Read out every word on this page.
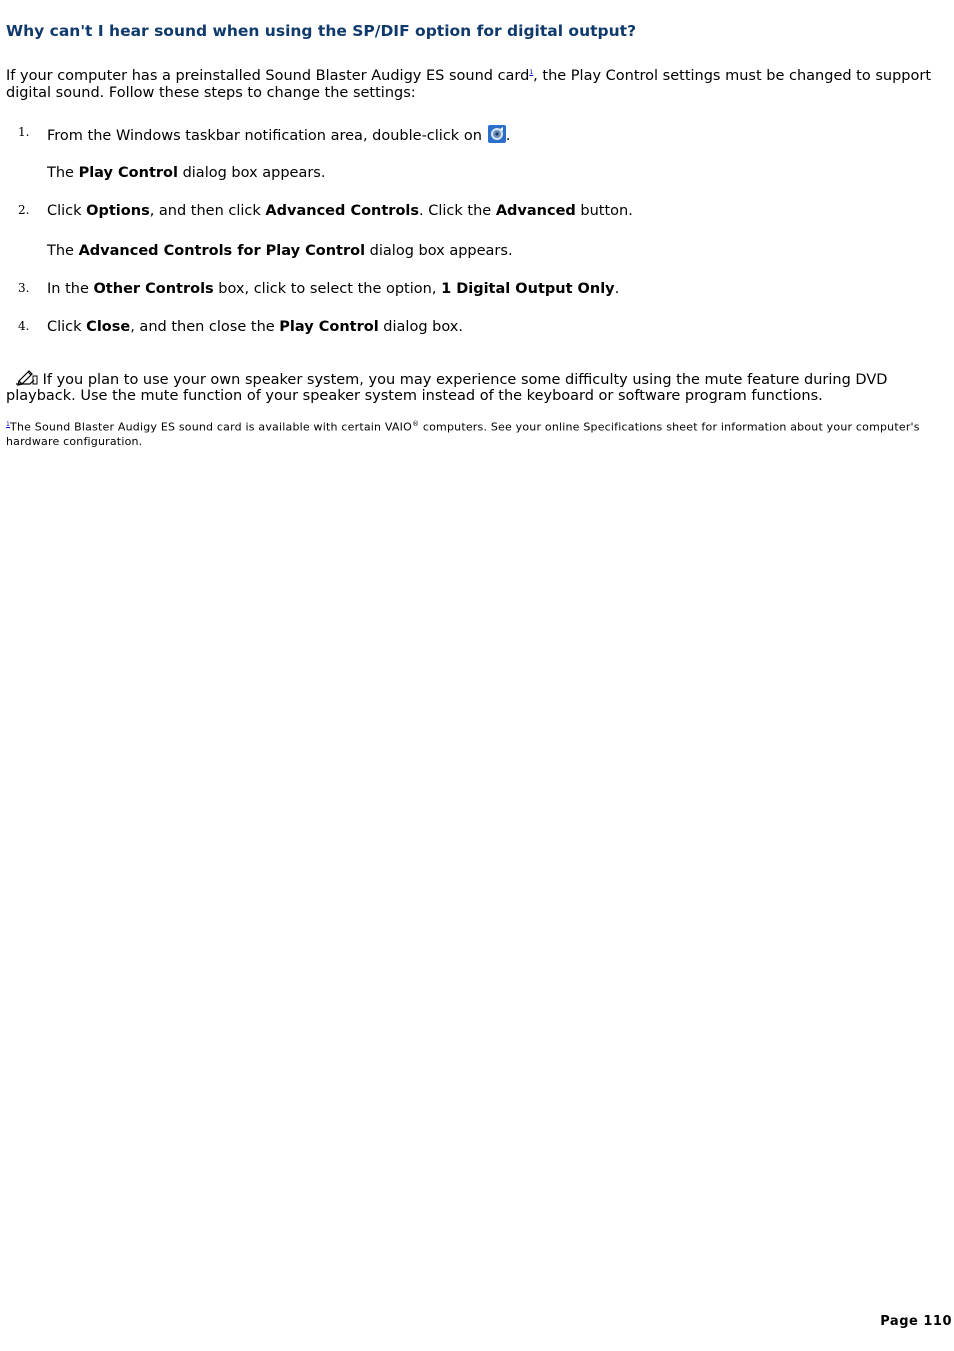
Why can't I hear sound when using the SP/DIF option for digital output?

If your computer has a preinstalled Sound Blaster Audigy ES sound card$^1$, the Play Control settings must be changed to support digital sound. Follow these steps to change the settings:

1. From the Windows taskbar notification area, double-click on .
The Play Control dialog box appears.
2. Click Options, and then click Advanced Controls. Click the Advanced button.
The Advanced Controls for Play Control dialog box appears.
3. In the Other Controls box, click to select the option, 1 Digital Output Only.
4. Click Close, and then close the Play Control dialog box.

If you plan to use your own speaker system, you may experience some difficulty using the mute feature during DVD playback. Use the mute function of your speaker system instead of the keyboard or software program functions.

$^1$The Sound Blaster Audigy ES sound card is available with certain VAIO® computers. See your online Specifications sheet for information about your computer's hardware configuration.

Page 110
